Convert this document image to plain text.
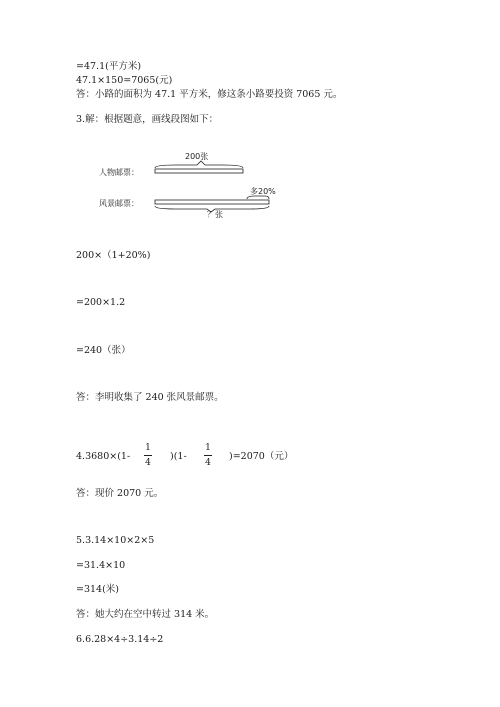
=47.1(平方米)
47.1×150=7065(元)
答：小路的面积为 47.1 平方米，修这条小路要投资 7065 元。
3.解：根据题意，画线段图如下：
200张
人物邮票：
风景邮票：
多20%
？张
200×（1+20%)
=200×1.2
=240（张）
答：李明收集了 240 张风景邮票。
4.3680×(1-
1
4
)(1-
1
4
)=2070（元）
答：现价 2070 元。
5.3.14×10×2×5
=31.4×10
=314(米)
答：她大约在空中转过 314 米。
6.6.28×4÷3.14÷2
